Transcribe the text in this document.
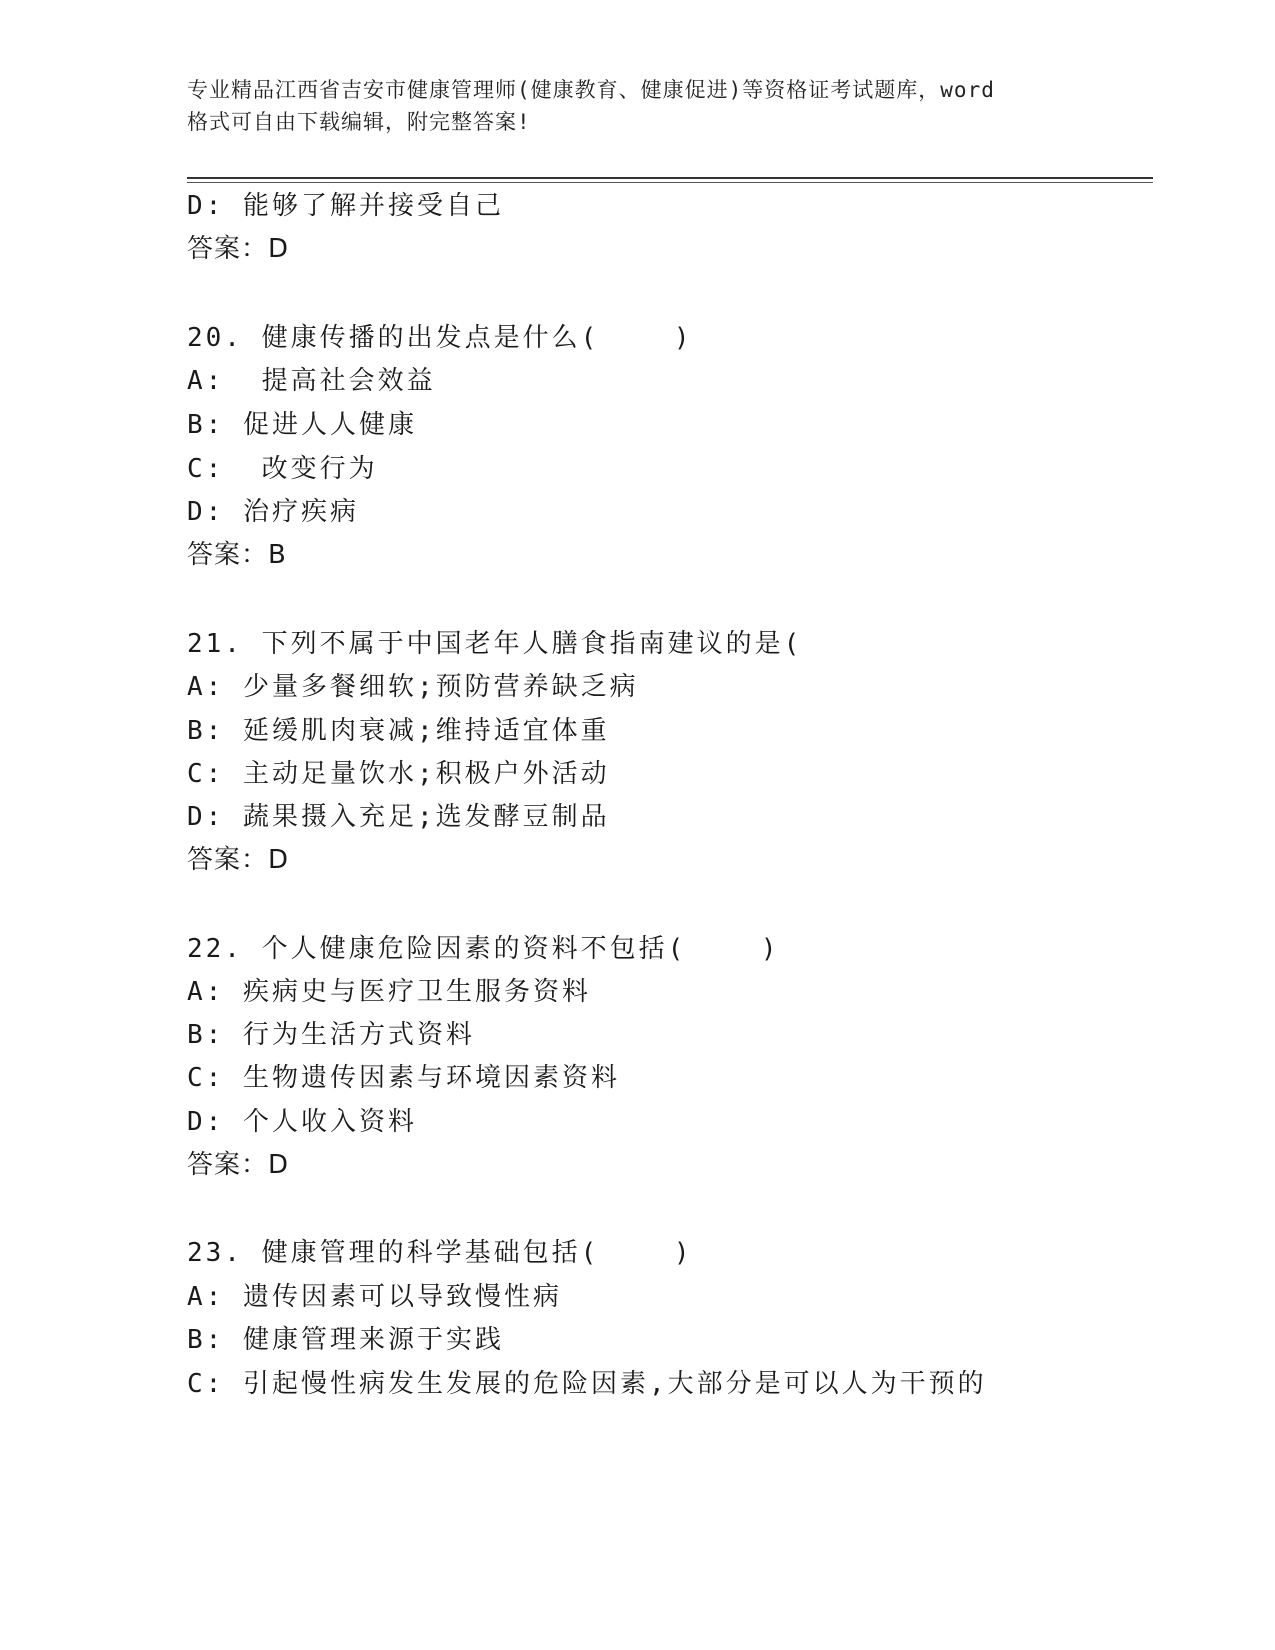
专业精品江西省吉安市健康管理师(健康教育、健康促进)等资格证考试题库，word

格式可自由下载编辑，附完整答案!

D: 能够了解并接受自己
答案：D
20. 健康传播的出发点是什么(    )
A:  提高社会效益
B: 促进人人健康
C:  改变行为
D: 治疗疾病
答案：B
21. 下列不属于中国老年人膳食指南建议的是(
A: 少量多餐细软;预防营养缺乏病
B: 延缓肌肉衰减;维持适宜体重
C: 主动足量饮水;积极户外活动
D: 蔬果摄入充足;选发酵豆制品
答案：D
22. 个人健康危险因素的资料不包括(    )
A: 疾病史与医疗卫生服务资料
B: 行为生活方式资料
C: 生物遗传因素与环境因素资料
D: 个人收入资料
答案：D
23. 健康管理的科学基础包括(    )
A: 遗传因素可以导致慢性病
B: 健康管理来源于实践
C: 引起慢性病发生发展的危险因素,大部分是可以人为干预的
